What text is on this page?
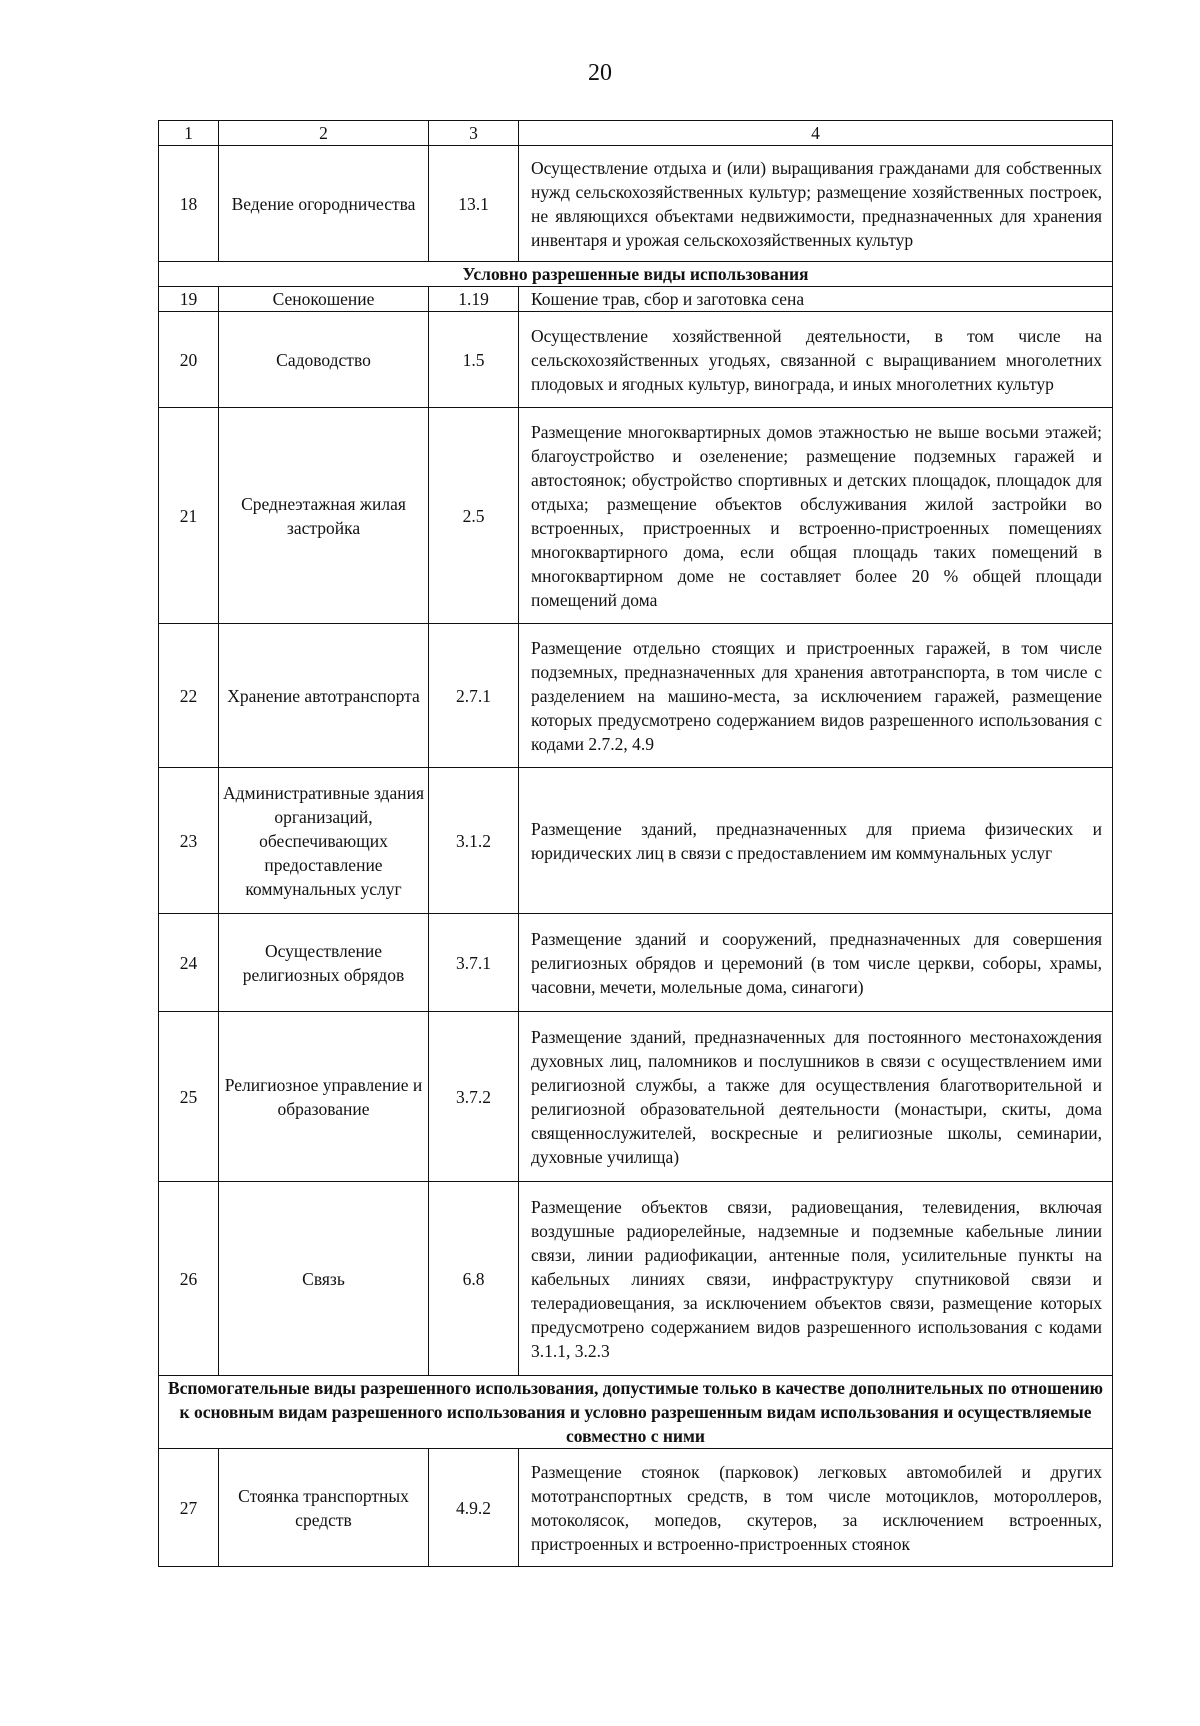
20
1	2	3	4
18	Ведение огородничества	13.1	Осуществление отдыха и (или) выращивания гражданами для собственных нужд сельскохозяйственных культур; размещение хозяйственных построек, не являющихся объектами недвижимости, предназначенных для хранения инвентаря и урожая сельскохозяйственных культур
Условно разрешенные виды использования			
19	Сенокошение	1.19	Кошение трав, сбор и заготовка сена
20	Садоводство	1.5	Осуществление хозяйственной деятельности, в том числе на сельскохозяйственных угодьях, связанной с выращиванием многолетних плодовых и ягодных культур, винограда, и иных многолетних культур
21	Среднеэтажная жилая застройка	2.5	Размещение многоквартирных домов этажностью не выше восьми этажей; благоустройство и озеленение; размещение подземных гаражей и автостоянок; обустройство спортивных и детских площадок, площадок для отдыха; размещение объектов обслуживания жилой застройки во встроенных, пристроенных и встроенно-пристроенных помещениях многоквартирного дома, если общая площадь таких помещений в многоквартирном доме не составляет более 20 % общей площади помещений дома
22	Хранение автотранспорта	2.7.1	Размещение отдельно стоящих и пристроенных гаражей, в том числе подземных, предназначенных для хранения автотранспорта, в том числе с разделением на машино-места, за исключением гаражей, размещение которых предусмотрено содержанием видов разрешенного использования с кодами 2.7.2, 4.9
23	Административные здания организаций, обеспечивающих предоставление коммунальных услуг	3.1.2	Размещение зданий, предназначенных для приема физических и юридических лиц в связи с предоставлением им коммунальных услуг
24	Осуществление религиозных обрядов	3.7.1	Размещение зданий и сооружений, предназначенных для совершения религиозных обрядов и церемоний (в том числе церкви, соборы, храмы, часовни, мечети, молельные дома, синагоги)
25	Религиозное управление и образование	3.7.2	Размещение зданий, предназначенных для постоянного местонахождения духовных лиц, паломников и послушников в связи с осуществлением ими религиозной службы, а также для осуществления благотворительной и религиозной образовательной деятельности (монастыри, скиты, дома священнослужителей, воскресные и религиозные школы, семинарии, духовные училища)
26	Связь	6.8	Размещение объектов связи, радиовещания, телевидения, включая воздушные радиорелейные, надземные и подземные кабельные линии связи, линии радиофикации, антенные поля, усилительные пункты на кабельных линиях связи, инфраструктуру спутниковой связи и телерадиовещания, за исключением объектов связи, размещение которых предусмотрено содержанием видов разрешенного использования с кодами 3.1.1, 3.2.3
Вспомогательные виды разрешенного использования, допустимые только в качестве дополнительных по отношению к основным видам разрешенного использования и условно разрешенным видам использования и осуществляемые совместно с ними			
27	Стоянка транспортных средств	4.9.2	Размещение стоянок (парковок) легковых автомобилей и других мототранспортных средств, в том числе мотоциклов, мотороллеров, мотоколясок, мопедов, скутеров, за исключением встроенных, пристроенных и встроенно-пристроенных стоянок
